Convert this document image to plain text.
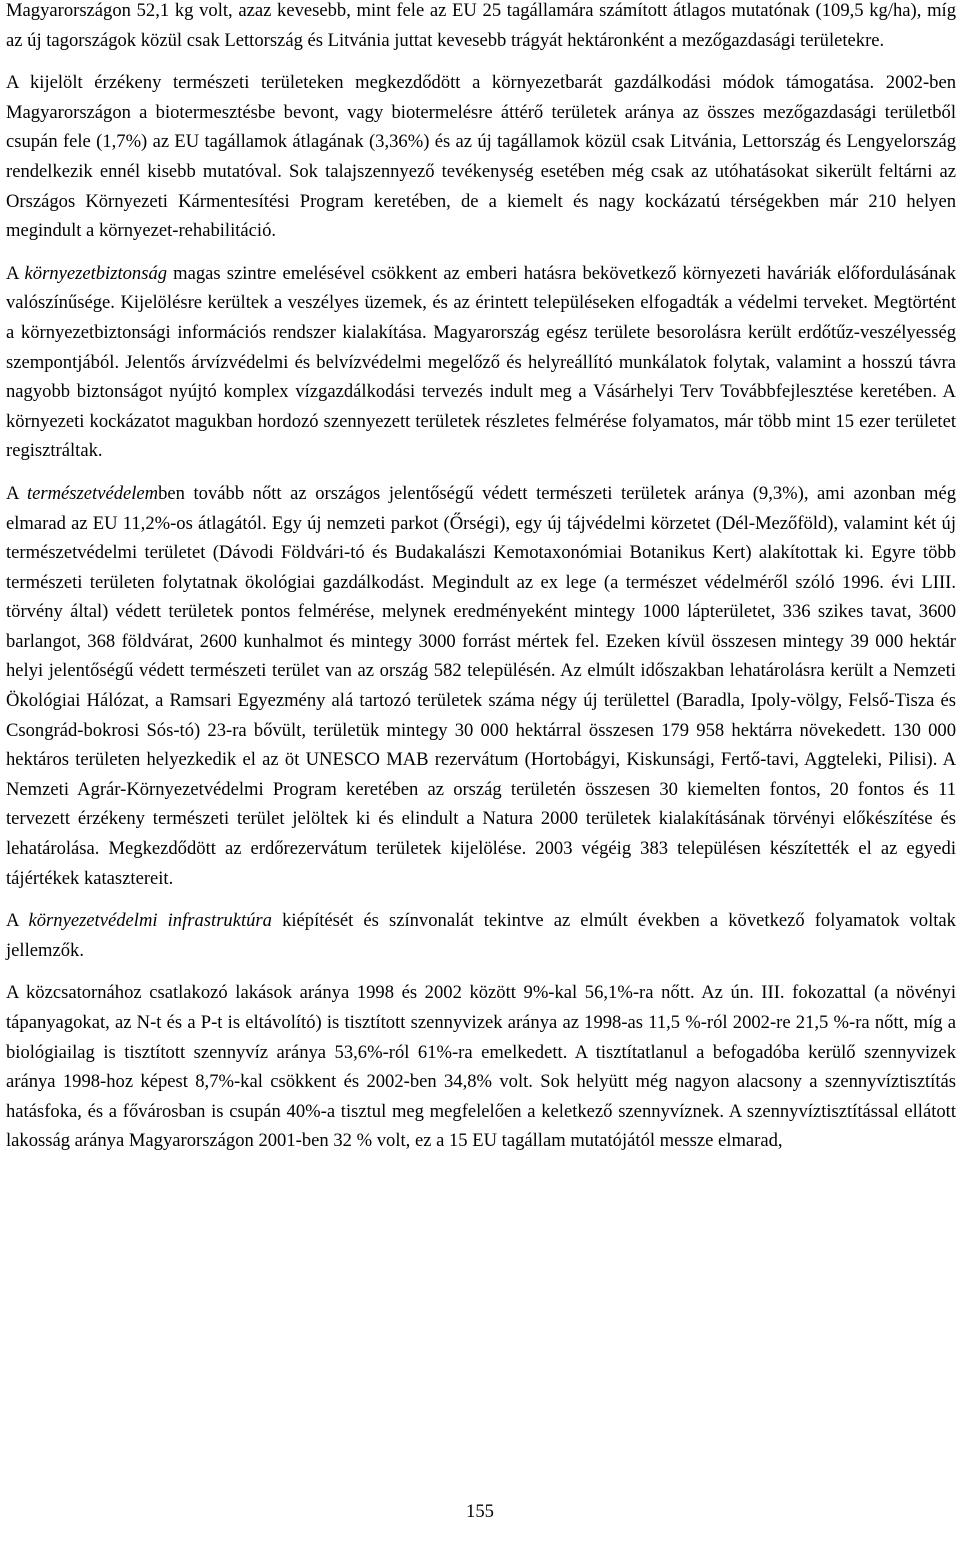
Magyarországon 52,1 kg volt, azaz kevesebb, mint fele az EU 25 tagállamára számított átlagos mutatónak (109,5 kg/ha), míg az új tagországok közül csak Lettország és Litvánia juttat kevesebb trágyát hektáronként a mezőgazdasági területekre.

A kijelölt érzékeny természeti területeken megkezdődött a környezetbarát gazdálkodási módok támogatása. 2002-ben Magyarországon a biotermesztésbe bevont, vagy biotermelésre áttérő területek aránya az összes mezőgazdasági területből csupán fele (1,7%) az EU tagállamok átlagának (3,36%) és az új tagállamok közül csak Litvánia, Lettország és Lengyelország rendelkezik ennél kisebb mutatóval. Sok talajszennyező tevékenység esetében még csak az utóhatásokat sikerült feltárni az Országos Környezeti Kármentesítési Program keretében, de a kiemelt és nagy kockázatú térségekben már 210 helyen megindult a környezet-rehabilitáció.

A környezetbiztonság magas szintre emelésével csökkent az emberi hatásra bekövetkező környezeti haváriák előfordulásának valószínűsége. Kijelölésre kerültek a veszélyes üzemek, és az érintett településeken elfogadták a védelmi terveket. Megtörtént a környezetbiztonsági információs rendszer kialakítása. Magyarország egész területe besorolásra került erdőtűz-veszélyesség szempontjából. Jelentős árvízvédelmi és belvízvédelmi megelőző és helyreállító munkálatok folytak, valamint a hosszú távra nagyobb biztonságot nyújtó komplex vízgazdálkodási tervezés indult meg a Vásárhelyi Terv Továbbfejlesztése keretében. A környezeti kockázatot magukban hordozó szennyezett területek részletes felmérése folyamatos, már több mint 15 ezer területet regisztráltak.

A természetvédelemben tovább nőtt az országos jelentőségű védett természeti területek aránya (9,3%), ami azonban még elmarad az EU 11,2%-os átlagától. Egy új nemzeti parkot (Őrségi), egy új tájvédelmi körzetet (Dél-Mezőföld), valamint két új természetvédelmi területet (Dávodi Földvári-tó és Budakalászi Kemotaxonómiai Botanikus Kert) alakítottak ki. Egyre több természeti területen folytatnak ökológiai gazdálkodást. Megindult az ex lege (a természet védelméről szóló 1996. évi LIII. törvény által) védett területek pontos felmérése, melynek eredményeként mintegy 1000 lápterületet, 336 szikes tavat, 3600 barlangot, 368 földvárat, 2600 kunhalmot és mintegy 3000 forrást mértek fel. Ezeken kívül összesen mintegy 39 000 hektár helyi jelentőségű védett természeti terület van az ország 582 településén. Az elmúlt időszakban lehatárolásra került a Nemzeti Ökológiai Hálózat, a Ramsari Egyezmény alá tartozó területek száma négy új területtel (Baradla, Ipoly-völgy, Felső-Tisza és Csongrád-bokrosi Sós-tó) 23-ra bővült, területük mintegy 30 000 hektárral összesen 179 958 hektárra növekedett. 130 000 hektáros területen helyezkedik el az öt UNESCO MAB rezervátum (Hortobágyi, Kiskunsági, Fertő-tavi, Aggteleki, Pilisi). A Nemzeti Agrár-Környezetvédelmi Program keretében az ország területén összesen 30 kiemelten fontos, 20 fontos és 11 tervezett érzékeny természeti terület jelöltek ki és elindult a Natura 2000 területek kialakításának törvényi előkészítése és lehatárolása. Megkezdődött az erdőrezervátum területek kijelölése. 2003 végéig 383 településen készítették el az egyedi tájértékek katasztereit.

A környezetvédelmi infrastruktúra kiépítését és színvonalát tekintve az elmúlt években a következő folyamatok voltak jellemzők.

A közcsatornához csatlakozó lakások aránya 1998 és 2002 között 9%-kal 56,1%-ra nőtt. Az ún. III. fokozattal (a növényi tápanyagokat, az N-t és a P-t is eltávolító) is tisztított szennyvizek aránya az 1998-as 11,5 %-ról 2002-re 21,5 %-ra nőtt, míg a biológiailag is tisztított szennyvíz aránya 53,6%-ról 61%-ra emelkedett. A tisztítatlanul a befogadóba kerülő szennyvizek aránya 1998-hoz képest 8,7%-kal csökkent és 2002-ben 34,8% volt. Sok helyütt még nagyon alacsony a szennyvíztisztítás hatásfoka, és a fővárosban is csupán 40%-a tisztul meg megfelelően a keletkező szennyvíznek. A szennyvíztisztítással ellátott lakosság aránya Magyarországon 2001-ben 32 % volt, ez a 15 EU tagállam mutatójától messze elmarad,

155
